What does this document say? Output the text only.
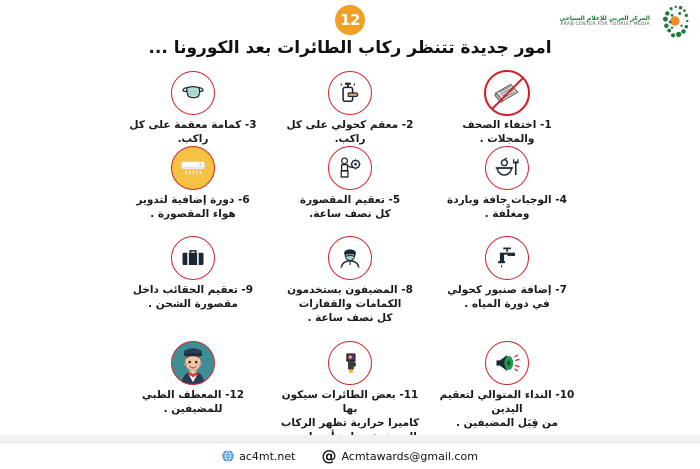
12	المركز العربي للإعلام السياحي
ARAB CENTER FOR TOURIST MEDIA
امور جديدة تتنظر ركاب الطائرات بعد الكورونا ...
1- اختفاء الصحف والمجلات .
2- معقم كحولي على كل راكب.
3- كمامة معقمة على كل راكب.
4- الوجبات جافة وباردة ومغلَّفة .
5- تعقيم المقصورة
كل نصف ساعة.
6- دورة إضافية لتدوير
هواء المقصورة .
7- إضافة صنبور كحولي
في دورة المياه .
8- المضيفون يستخدمون
الكمامات والقفازات
كل نصف ساعة .
9- تعقيم الحقائب داخل
مقصورة الشحن .
10- النداء المتوالي لتعقيم اليدين
من قِبَل المضيفين .
11- بعض الطائرات سيكون بها
كاميرا حرارية تظهر الركاب
12- المعطف الطبي للمضيفين .
ac4mt.net @ Acmtawards@gmail.com
